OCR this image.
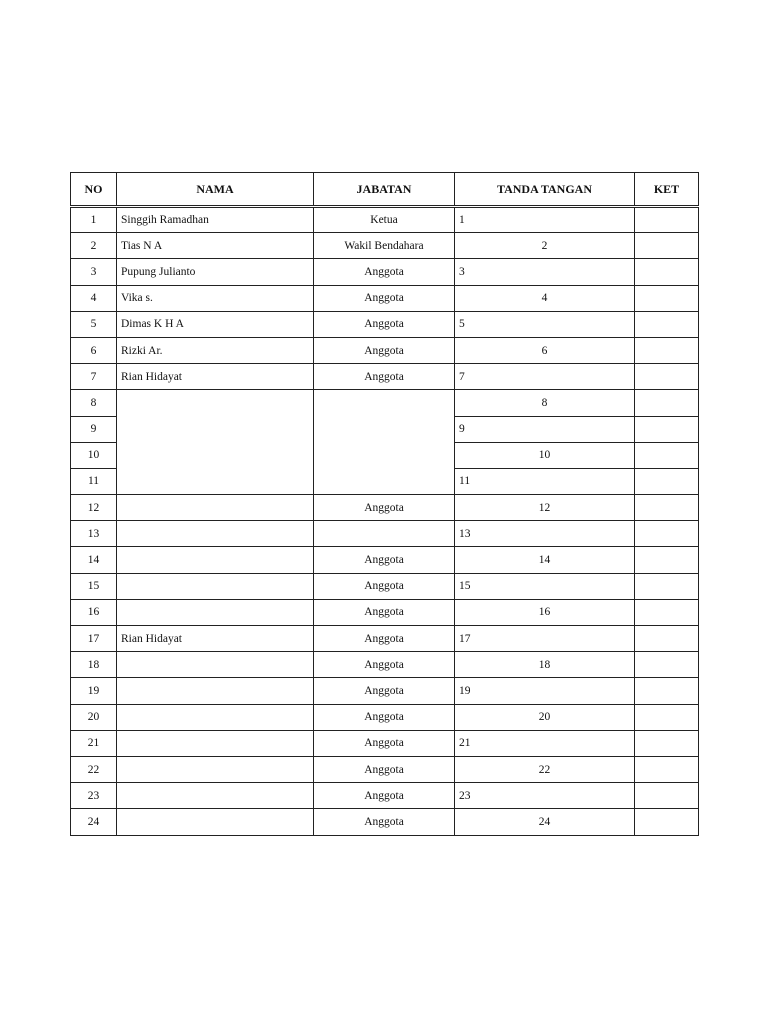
NO	NAMA	JABATAN	TANDA TANGAN	KET
1	Singgih Ramadhan	Ketua	1	
2	Tias N A	Wakil Bendahara	2	
3	Pupung Julianto	Anggota	3	
4	Vika s.	Anggota	4	
5	Dimas K H A	Anggota	5	
6	Rizki Ar.	Anggota	6	
7	Rian Hidayat	Anggota	7	
8			8	
9			9	
10			10	
11			11	
12		Anggota	12	
13			13	
14		Anggota	14	
15		Anggota	15	
16		Anggota	16	
17	Rian Hidayat	Anggota	17	
18		Anggota	18	
19		Anggota	19	
20		Anggota	20	
21		Anggota	21	
22		Anggota	22	
23		Anggota	23	
24		Anggota	24	
